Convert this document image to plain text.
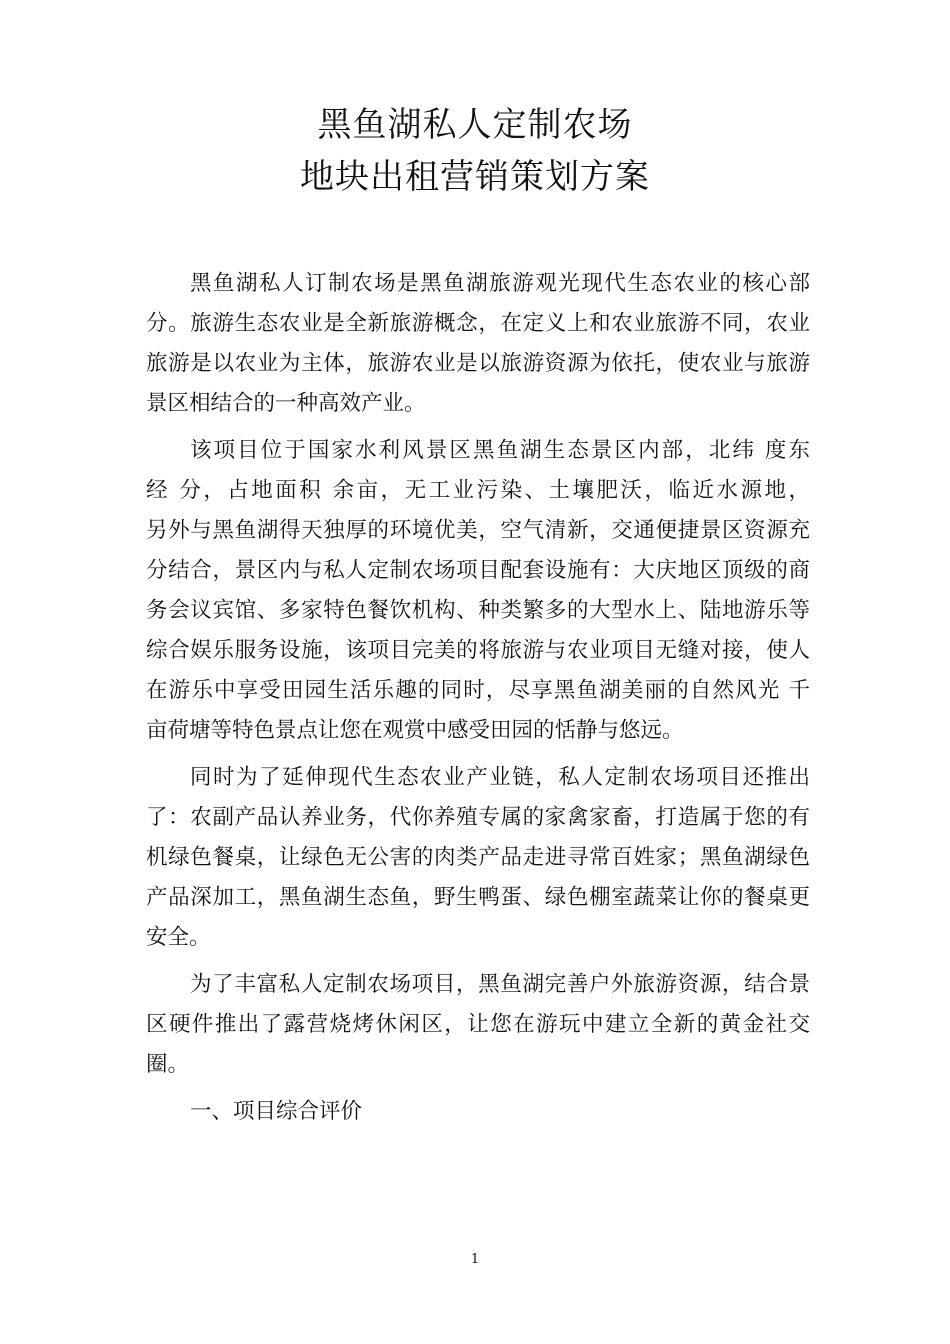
黑鱼湖私人定制农场
地块出租营销策划方案
黑鱼湖私人订制农场是黑鱼湖旅游观光现代生态农业的核心部
分。旅游生态农业是全新旅游概念，在定义上和农业旅游不同，农业
旅游是以农业为主体，旅游农业是以旅游资源为依托，使农业与旅游
景区相结合的一种高效产业。
该项目位于国家水利风景区黑鱼湖生态景区内部，北纬 度东
经 分，占地面积 余亩，无工业污染、土壤肥沃，临近水源地，
另外与黑鱼湖得天独厚的环境优美，空气清新，交通便捷景区资源充
分结合，景区内与私人定制农场项目配套设施有：大庆地区顶级的商
务会议宾馆、多家特色餐饮机构、种类繁多的大型水上、陆地游乐等
综合娱乐服务设施，该项目完美的将旅游与农业项目无缝对接，使人
在游乐中享受田园生活乐趣的同时，尽享黑鱼湖美丽的自然风光 千
亩荷塘等特色景点让您在观赏中感受田园的恬静与悠远。
同时为了延伸现代生态农业产业链，私人定制农场项目还推出
了：农副产品认养业务，代你养殖专属的家禽家畜，打造属于您的有
机绿色餐桌，让绿色无公害的肉类产品走进寻常百姓家；黑鱼湖绿色
产品深加工，黑鱼湖生态鱼，野生鸭蛋、绿色棚室蔬菜让你的餐桌更
安全。
为了丰富私人定制农场项目，黑鱼湖完善户外旅游资源，结合景
区硬件推出了露营烧烤休闲区，让您在游玩中建立全新的黄金社交
圈。
一、项目综合评价
1
